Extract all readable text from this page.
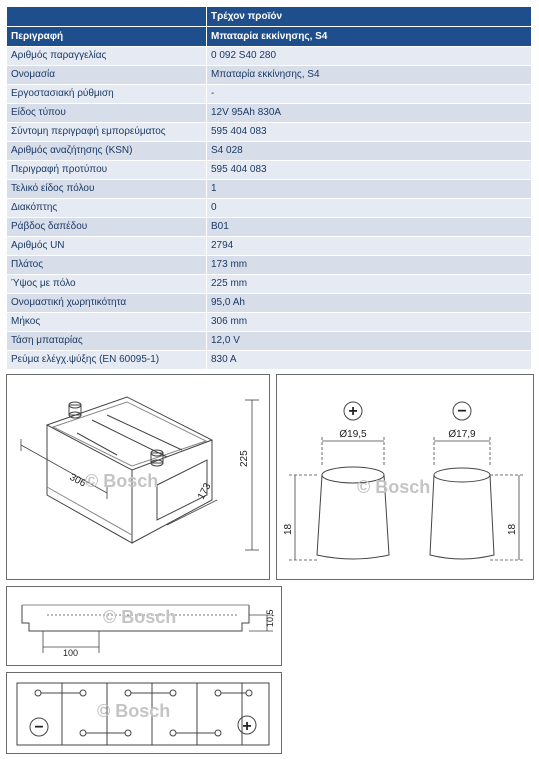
	Τρέχον προϊόν
Περιγραφή	Μπαταρία εκκίνησης, S4
Αριθμός παραγγελίας	0 092 S40 280
Ονομασία	Μπαταρία εκκίνησης, S4
Εργοστασιακή ρύθμιση	-
Είδος τύπου	12V 95Ah 830A
Σύντομη περιγραφή εμπορεύματος	595 404 083
Αριθμός αναζήτησης (KSN)	S4 028
Περιγραφή προτύπου	595 404 083
Τελικό είδος πόλου	1
Διακόπτης	0
Ράβδος δαπέδου	B01
Αριθμός UN	2794
Πλάτος	173 mm
Ύψος με πόλο	225 mm
Ονομαστική χωρητικότητα	95,0 Ah
Μήκος	306 mm
Τάση μπαταρίας	12,0 V
Ρεύμα ελέγχ.ψύξης (EN 60095-1)	830 A
306
173
225
© Bosch
+	−
Ø19,5	Ø17,9
18	18
© Bosch
100
10,5
© Bosch
−	+
© Bosch
